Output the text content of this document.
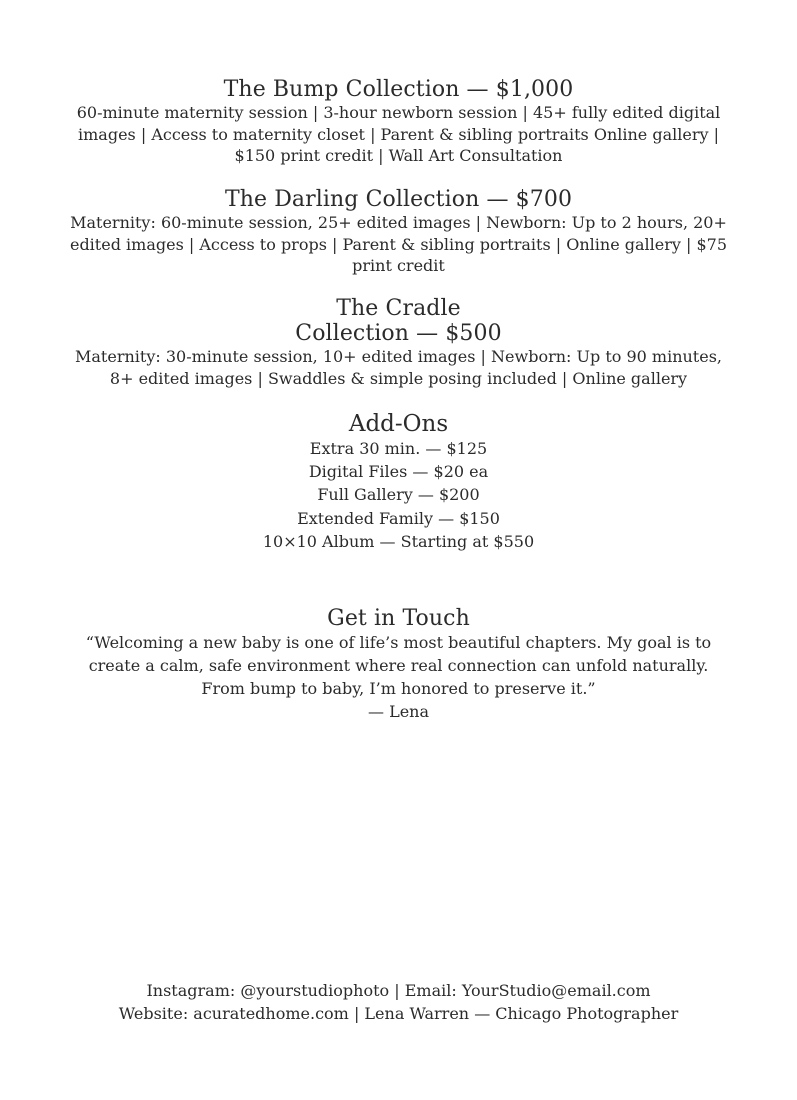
The Bump Collection — $1,000
60-minute maternity session | 3-hour newborn session | 45+ fully edited digital
images | Access to maternity closet | Parent & sibling portraits Online gallery |
$150 print credit | Wall Art Consultation
The Darling Collection — $700
Maternity: 60-minute session, 25+ edited images | Newborn: Up to 2 hours, 20+
edited images | Access to props | Parent & sibling portraits | Online gallery | $75
print credit
The Cradle
Collection — $500
Maternity: 30-minute session, 10+ edited images | Newborn: Up to 90 minutes,
8+ edited images | Swaddles & simple posing included | Online gallery
Add-Ons
Extra 30 min. — $125
Digital Files — $20 ea
Full Gallery — $200
Extended Family — $150
10×10 Album — Starting at $550
Get in Touch
“Welcoming a new baby is one of life’s most beautiful chapters. My goal is to
create a calm, safe environment where real connection can unfold naturally.
From bump to baby, I’m honored to preserve it.”
— Lena
Instagram: @yourstudiophoto | Email: YourStudio@email.com
Website: acuratedhome.com | Lena Warren — Chicago Photographer
